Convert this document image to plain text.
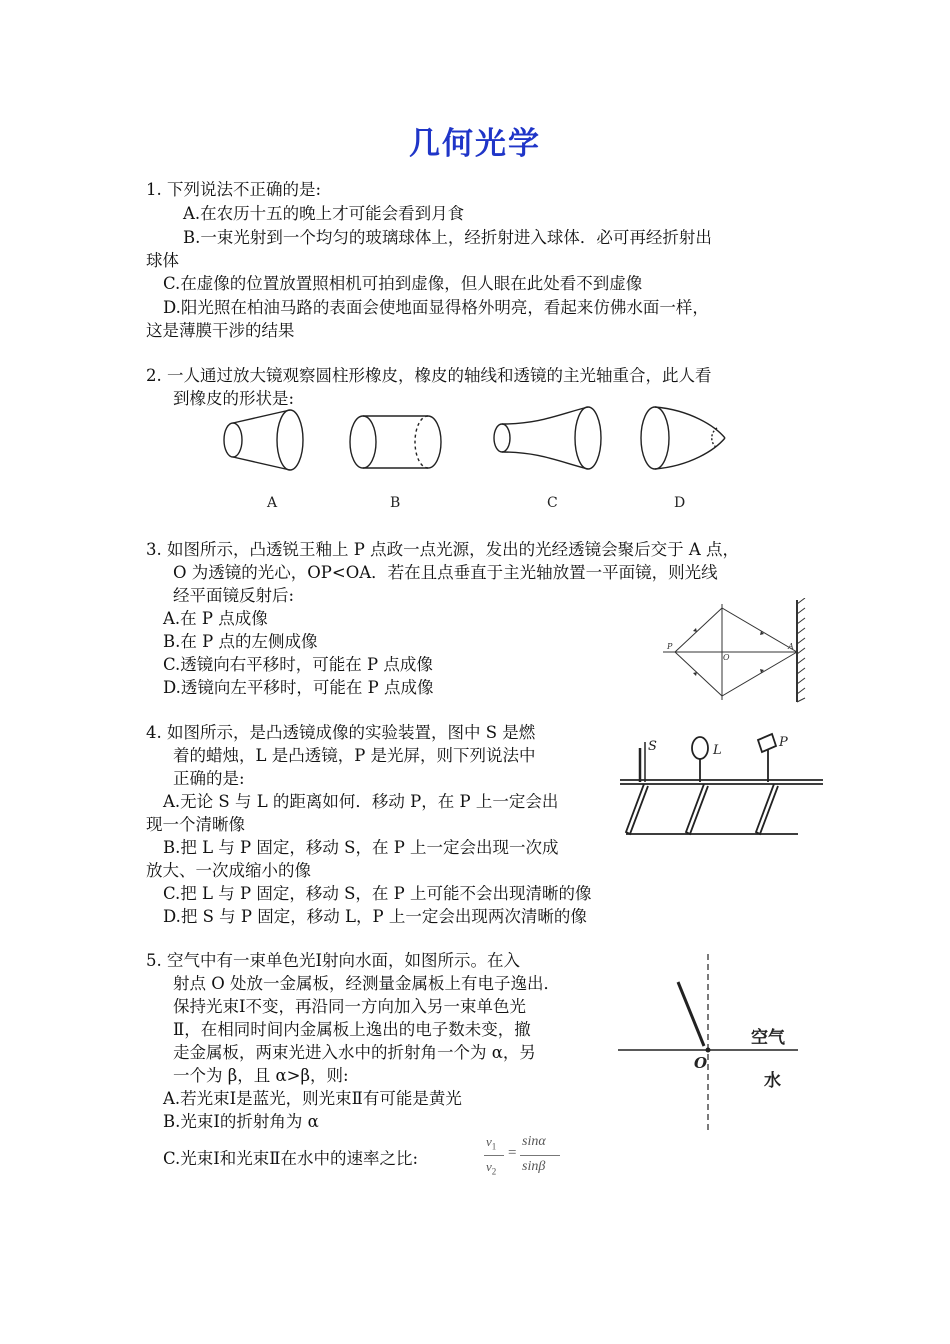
几何光学
1. 下列说法不正确的是:
A.在农历十五的晚上才可能会看到月食
B.一束光射到一个均匀的玻璃球体上，经折射进入球体．必可再经折射出
球体
C.在虚像的位置放置照相机可拍到虚像，但人眼在此处看不到虚像
D.阳光照在柏油马路的表面会使地面显得格外明亮，看起来仿佛水面一样，
这是薄膜干涉的结果
2. 一人通过放大镜观察圆柱形橡皮，橡皮的轴线和透镜的主光轴重合，此人看
到橡皮的形状是:
A	B	C	D
3. 如图所示，凸透锐王釉上 P 点政一点光源，发出的光经透镜会聚后交于 A 点，
O 为透镜的光心，OP<OA．若在且点垂直于主光轴放置一平面镜，则光线
经平面镜反射后:
A.在 P 点成像
B.在 P 点的左侧成像
C.透镜向右平移时，可能在 P 点成像
D.透镜向左平移时，可能在 P 点成像
P
O
A
4. 如图所示，是凸透镜成像的实验装置，图中 S 是燃
着的蜡烛，L 是凸透镜，P 是光屏，则下列说法中
正确的是:
A.无论 S 与 L 的距离如何．移动 P，在 P 上一定会出
现一个清晰像
B.把 L 与 P 固定，移动 S，在 P 上一定会出现一次成
放大、一次成缩小的像
C.把 L 与 P 固定，移动 S，在 P 上可能不会出现清晰的像
D.把 S 与 P 固定，移动 L，P 上一定会出现两次清晰的像
S	L
P
5. 空气中有一束单色光Ⅰ射向水面，如图所示。在入
射点 O 处放一金属板，经测量金属板上有电子逸出．
保持光束Ⅰ不变，再沿同一方向加入另一束单色光
Ⅱ，在相同时间内金属板上逸出的电子数未变，撤
走金属板，两束光进入水中的折射角一个为 α，另
一个为 β，且 α>β，则:
A.若光束Ⅰ是蓝光，则光束Ⅱ有可能是黄光
B.光束Ⅰ的折射角为 α
C.光束Ⅰ和光束Ⅱ在水中的速率之比:
$v_1$
$v_2$
=
sinα
sinβ
空气
水
O
